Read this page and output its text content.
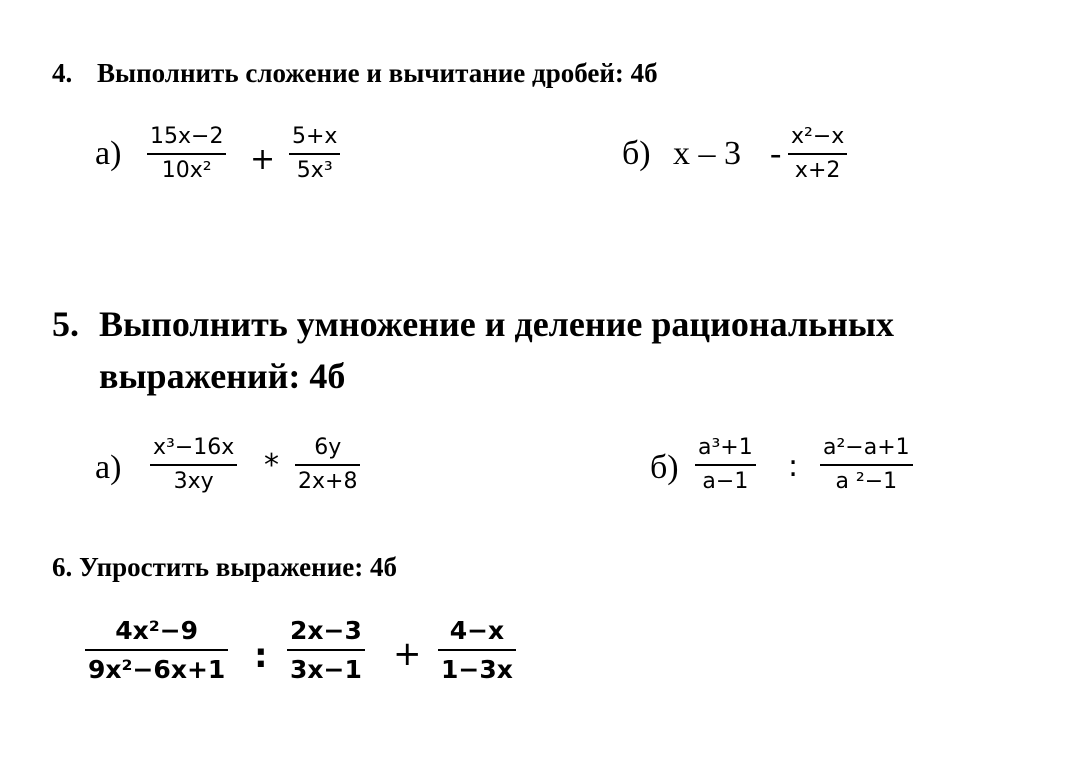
4. Выполнить сложение и вычитание дробей: 4б
а) 15x−2
10x² +
5+x
5x³	б) x – 3 - x²−x
x+2
5. Выполнить умножение и деление рациональных
выражений: 4б
а)
x³−16x
3xy *
6y
2x+8	б)
a³+1
a−1 :
a²−a+1
a ²−1
6. Упростить выражение: 4б
4x²−9
9x²−6x+1 :
2x−3
3x−1 +
4−x
1−3x
